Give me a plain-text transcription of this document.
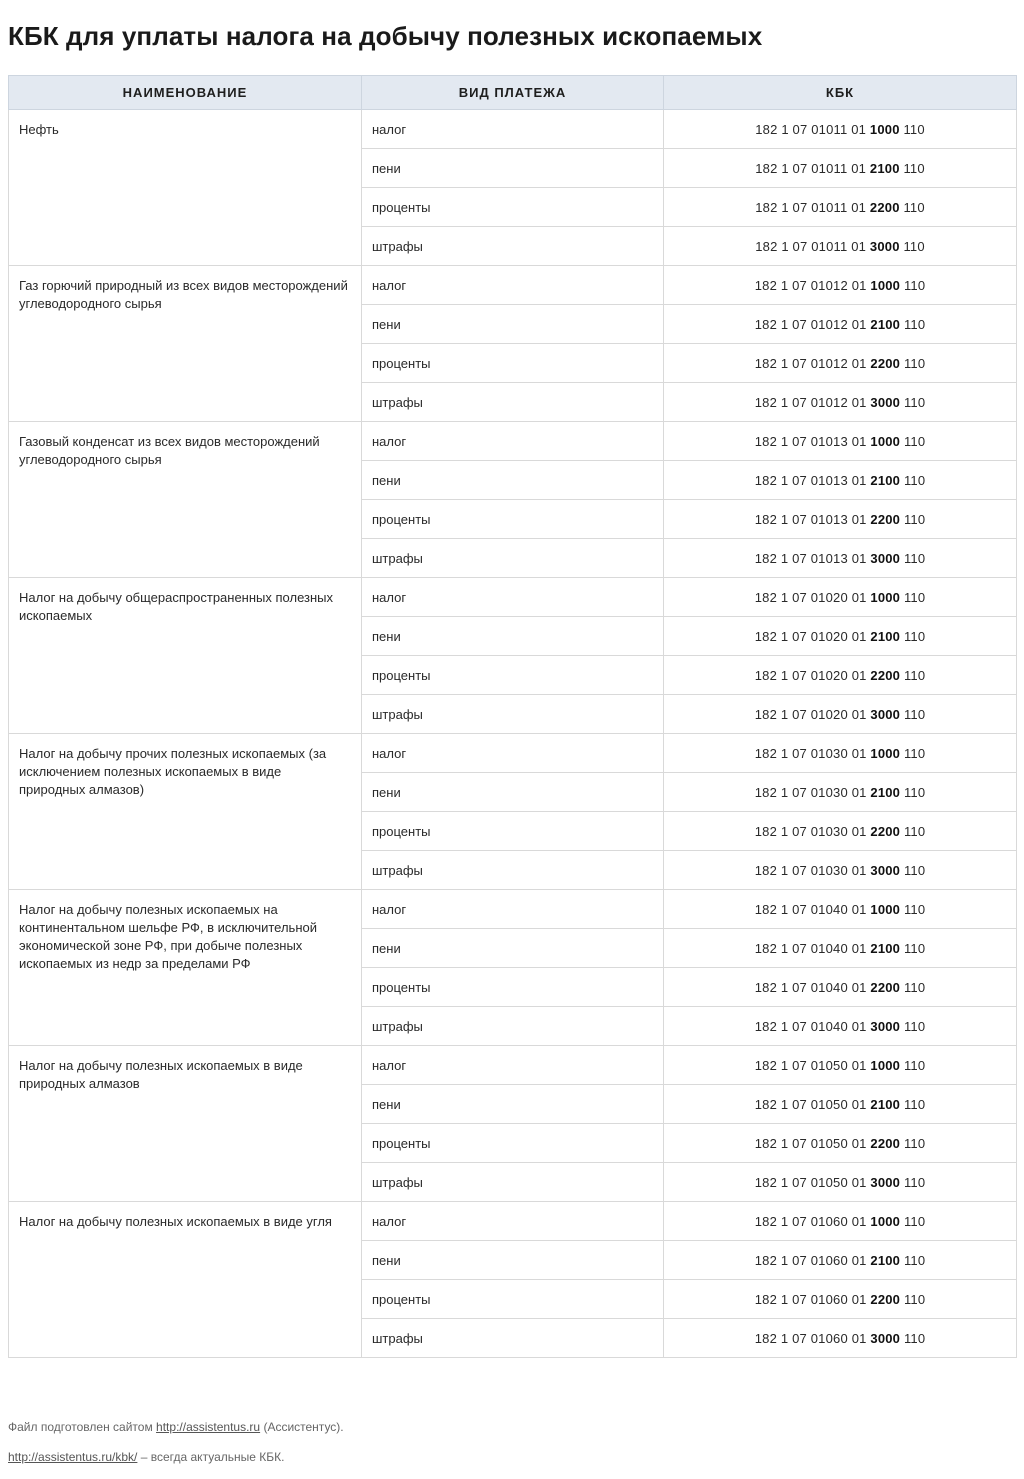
КБК для уплаты налога на добычу полезных ископаемых
НАИМЕНОВАНИЕ	ВИД ПЛАТЕЖА	КБК
Нефть	налог	182 1 07 01011 01 1000 110
	пени	182 1 07 01011 01 2100 110
	проценты	182 1 07 01011 01 2200 110
	штрафы	182 1 07 01011 01 3000 110
Газ горючий природный из всех видов месторождений углеводородного сырья	налог	182 1 07 01012 01 1000 110
	пени	182 1 07 01012 01 2100 110
	проценты	182 1 07 01012 01 2200 110
	штрафы	182 1 07 01012 01 3000 110
Газовый конденсат из всех видов месторождений углеводородного сырья	налог	182 1 07 01013 01 1000 110
	пени	182 1 07 01013 01 2100 110
	проценты	182 1 07 01013 01 2200 110
	штрафы	182 1 07 01013 01 3000 110
Налог на добычу общераспространенных полезных ископаемых	налог	182 1 07 01020 01 1000 110
	пени	182 1 07 01020 01 2100 110
	проценты	182 1 07 01020 01 2200 110
	штрафы	182 1 07 01020 01 3000 110
Налог на добычу прочих полезных ископаемых (за исключением полезных ископаемых в виде природных алмазов)	налог	182 1 07 01030 01 1000 110
	пени	182 1 07 01030 01 2100 110
	проценты	182 1 07 01030 01 2200 110
	штрафы	182 1 07 01030 01 3000 110
Налог на добычу полезных ископаемых на континентальном шельфе РФ, в исключительной экономической зоне РФ, при добыче полезных ископаемых из недр за пределами РФ	налог	182 1 07 01040 01 1000 110
	пени	182 1 07 01040 01 2100 110
	проценты	182 1 07 01040 01 2200 110
	штрафы	182 1 07 01040 01 3000 110
Налог на добычу полезных ископаемых в виде природных алмазов	налог	182 1 07 01050 01 1000 110
	пени	182 1 07 01050 01 2100 110
	проценты	182 1 07 01050 01 2200 110
	штрафы	182 1 07 01050 01 3000 110
Налог на добычу полезных ископаемых в виде угля	налог	182 1 07 01060 01 1000 110
	пени	182 1 07 01060 01 2100 110
	проценты	182 1 07 01060 01 2200 110
	штрафы	182 1 07 01060 01 3000 110
Файл подготовлен сайтом http://assistentus.ru (Ассистентус).
http://assistentus.ru/kbk/ – всегда актуальные КБК.
